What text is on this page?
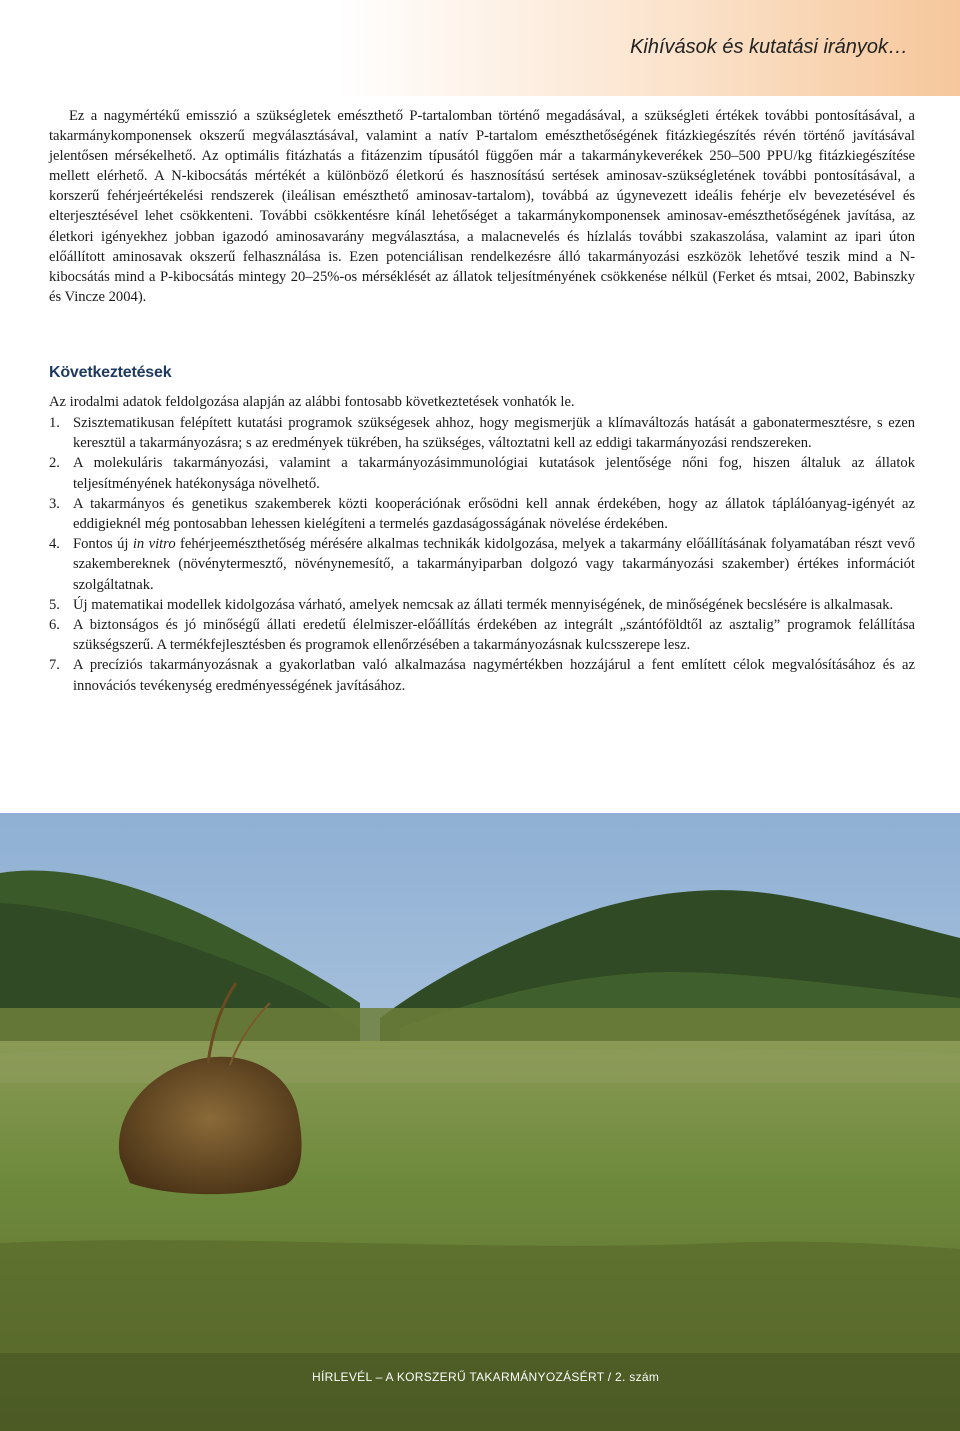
Kihívások és kutatási irányok…

Ez a nagymértékű emisszió a szükségletek emészthető P-tartalomban történő megadásával, a szükségleti értékek további pontosításával, a takarmánykomponensek okszerű megválasztásával, valamint a natív P-tartalom emészthetőségének fitázkiegészítés révén történő javításával jelentősen mérsékelhető. Az optimális fitázhatás a fitázenzim típusától függően már a takarmánykeverékek 250–500 PPU/kg fitázkiegészítése mellett elérhető. A N-kibocsátás mértékét a különböző életkorú és hasznosítású sertések aminosav-szükségletének további pontosításával, a korszerű fehérjeértékelési rendszerek (ileálisan emészthető aminosav-tartalom), továbbá az úgynevezett ideális fehérje elv bevezetésével és elterjesztésével lehet csökkenteni. További csökkentésre kínál lehetőséget a takarmánykomponensek aminosav-emészthetőségének javítása, az életkori igényekhez jobban igazodó aminosavarány megválasztása, a malacnevelés és hízlalás további szakaszolása, valamint az ipari úton előállított aminosavak okszerű felhasználása is. Ezen potenciálisan rendelkezésre álló takarmányozási eszközök lehetővé teszik mind a N-kibocsátás mind a P-kibocsátás mintegy 20–25%-os mérséklését az állatok teljesítményének csökkenése nélkül (Ferket és mtsai, 2002, Babinszky és Vincze 2004).

Következtetések
Az irodalmi adatok feldolgozása alapján az alábbi fontosabb következtetések vonhatók le.
1. Szisztematikusan felépített kutatási programok szükségesek ahhoz, hogy megismerjük a klímaváltozás hatását a gabonatermesztésre, s ezen keresztül a takarmányozásra; s az eredmények tükrében, ha szükséges, változtatni kell az eddigi takarmányozási rendszereken.
2. A molekuláris takarmányozási, valamint a takarmányozásimmunológiai kutatások jelentősége nőni fog, hiszen általuk az állatok teljesítményének hatékonysága növelhető.
3. A takarmányos és genetikus szakemberek közti kooperációnak erősödni kell annak érdekében, hogy az állatok táplálóanyag-igényét az eddigieknél még pontosabban lehessen kielégíteni a termelés gazdaságosságának növelése érdekében.
4. Fontos új in vitro fehérjeemészthetőség mérésére alkalmas technikák kidolgozása, melyek a takarmány előállításának folyamatában részt vevő szakembereknek (növénytermesztő, növénynemesítő, a takarmányiparban dolgozó vagy takarmányozási szakember) értékes információt szolgáltatnak.
5. Új matematikai modellek kidolgozása várható, amelyek nemcsak az állati termék mennyiségének, de minőségének becslésére is alkalmasak.
6. A biztonságos és jó minőségű állati eredetű élelmiszer-előállítás érdekében az integrált „szántóföldtől az asztalig” programok felállítása szükségszerű. A termékfejlesztésben és programok ellenőrzésében a takarmányozásnak kulcsszerepe lesz.
7. A precíziós takarmányozásnak a gyakorlatban való alkalmazása nagymértékben hozzájárul a fent említett célok megvalósításához és az innovációs tevékenység eredményességének javításához.
HÍRLEVÉL – A KORSZERŰ TAKARMÁNYOZÁSÉRT / 2. szám
